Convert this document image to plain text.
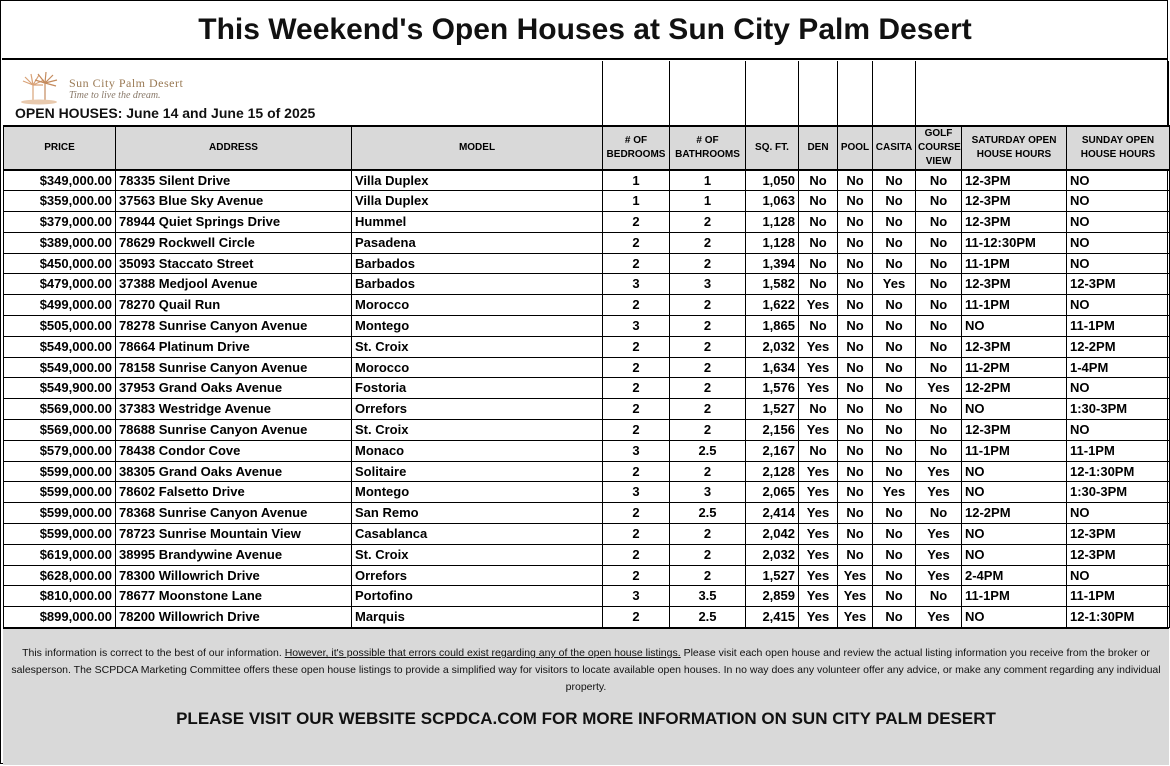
This Weekend's Open Houses at Sun City Palm Desert
Sun City Palm Desert
Time to live the dream.
OPEN HOUSES: June 14 and June 15 of 2025
PRICE	ADDRESS	MODEL	# OF BEDROOMS	# OF BATHROOMS	SQ. FT.	DEN	POOL	CASITA	GOLF COURSE VIEW	SATURDAY OPEN HOUSE HOURS	SUNDAY OPEN HOUSE HOURS
$349,000.00	78335 Silent Drive	Villa Duplex	1	1	1,050	No	No	No	No	12-3PM	NO
$359,000.00	37563 Blue Sky Avenue	Villa Duplex	1	1	1,063	No	No	No	No	12-3PM	NO
$379,000.00	78944 Quiet Springs Drive	Hummel	2	2	1,128	No	No	No	No	12-3PM	NO
$389,000.00	78629 Rockwell Circle	Pasadena	2	2	1,128	No	No	No	No	11-12:30PM	NO
$450,000.00	35093 Staccato Street	Barbados	2	2	1,394	No	No	No	No	11-1PM	NO
$479,000.00	37388 Medjool Avenue	Barbados	3	3	1,582	No	No	Yes	No	12-3PM	12-3PM
$499,000.00	78270 Quail Run	Morocco	2	2	1,622	Yes	No	No	No	11-1PM	NO
$505,000.00	78278 Sunrise Canyon Avenue	Montego	3	2	1,865	No	No	No	No	NO	11-1PM
$549,000.00	78664 Platinum Drive	St. Croix	2	2	2,032	Yes	No	No	No	12-3PM	12-2PM
$549,000.00	78158 Sunrise Canyon Avenue	Morocco	2	2	1,634	Yes	No	No	No	11-2PM	1-4PM
$549,900.00	37953 Grand Oaks Avenue	Fostoria	2	2	1,576	Yes	No	No	Yes	12-2PM	NO
$569,000.00	37383 Westridge Avenue	Orrefors	2	2	1,527	No	No	No	No	NO	1:30-3PM
$569,000.00	78688 Sunrise Canyon Avenue	St. Croix	2	2	2,156	Yes	No	No	No	12-3PM	NO
$579,000.00	78438 Condor Cove	Monaco	3	2.5	2,167	No	No	No	No	11-1PM	11-1PM
$599,000.00	38305 Grand Oaks Avenue	Solitaire	2	2	2,128	Yes	No	No	Yes	NO	12-1:30PM
$599,000.00	78602 Falsetto Drive	Montego	3	3	2,065	Yes	No	Yes	Yes	NO	1:30-3PM
$599,000.00	78368 Sunrise Canyon Avenue	San Remo	2	2.5	2,414	Yes	No	No	No	12-2PM	NO
$599,000.00	78723 Sunrise Mountain View	Casablanca	2	2	2,042	Yes	No	No	Yes	NO	12-3PM
$619,000.00	38995 Brandywine Avenue	St. Croix	2	2	2,032	Yes	No	No	Yes	NO	12-3PM
$628,000.00	78300 Willowrich Drive	Orrefors	2	2	1,527	Yes	Yes	No	Yes	2-4PM	NO
$810,000.00	78677 Moonstone Lane	Portofino	3	3.5	2,859	Yes	Yes	No	No	11-1PM	11-1PM
$899,000.00	78200 Willowrich Drive	Marquis	2	2.5	2,415	Yes	Yes	No	Yes	NO	12-1:30PM
This information is correct to the best of our information. However, it's possible that errors could exist regarding any of the open house listings. Please visit each open house and review the actual listing information you receive from the broker or salesperson. The SCPDCA Marketing Committee offers these open house listings to provide a simplified way for visitors to locate available open houses. In no way does any volunteer offer any advice, or make any comment regarding any individual property.
PLEASE VISIT OUR WEBSITE SCPDCA.COM FOR MORE INFORMATION ON SUN CITY PALM DESERT
